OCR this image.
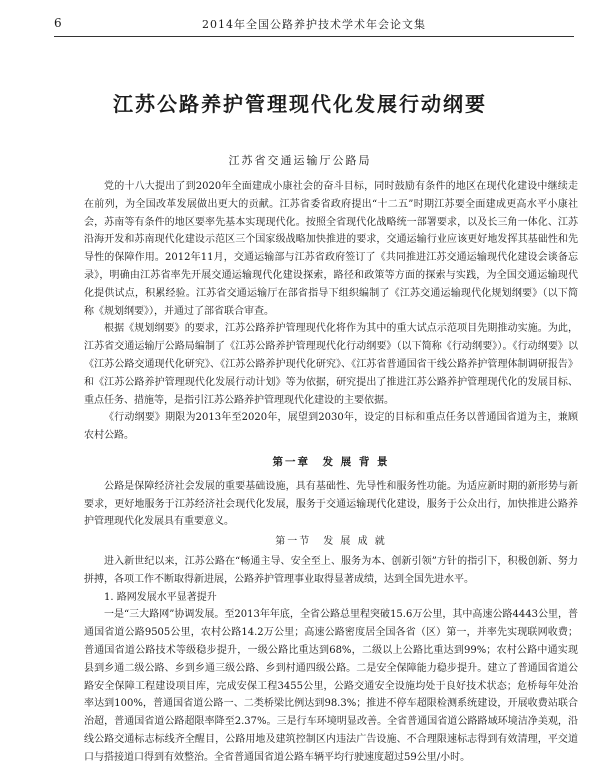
6	2014年全国公路养护技术学术年会论文集
江苏公路养护管理现代化发展行动纲要
江苏省交通运输厅公路局

党的十八大提出了到2020年全面建成小康社会的奋斗目标，同时鼓励有条件的地区在现代化建设中继续走在前列，为全国改革发展做出更大的贡献。江苏省委省政府提出“十二五”时期江苏要全面建成更高水平小康社会，苏南等有条件的地区要率先基本实现现代化。按照全省现代化战略统一部署要求，以及长三角一体化、江苏沿海开发和苏南现代化建设示范区三个国家级战略加快推进的要求，交通运输行业应该更好地发挥其基础性和先导性的保障作用。2012年11月，交通运输部与江苏省政府签订了《共同推进江苏交通运输现代化建设会谈备忘录》，明确由江苏省率先开展交通运输现代化建设探索，路径和政策等方面的探索与实践，为全国交通运输现代化提供试点，积累经验。江苏省交通运输厅在部省指导下组织编制了《江苏交通运输现代化规划纲要》（以下简称《规划纲要》），并通过了部省联合审查。

根据《规划纲要》的要求，江苏公路养护管理现代化将作为其中的重大试点示范项目先期推动实施。为此，江苏省交通运输厅公路局编制了《江苏公路养护管理现代化行动纲要》（以下简称《行动纲要》）。《行动纲要》以《江苏公路交通现代化研究》、《江苏公路养护现代化研究》、《江苏省普通国省干线公路养护管理体制调研报告》和《江苏公路养护管理现代化发展行动计划》等为依据，研究提出了推进江苏公路养护管理现代化的发展目标、重点任务、措施等，是指引江苏公路养护管理现代化建设的主要依据。

《行动纲要》期限为2013年至2020年，展望到2030年，设定的目标和重点任务以普通国省道为主，兼顾农村公路。

第一章　发 展 背 景

公路是保障经济社会发展的重要基础设施，具有基础性、先导性和服务性功能。为适应新时期的新形势与新要求，更好地服务于江苏经济社会现代化发展，服务于交通运输现代化建设，服务于公众出行，加快推进公路养护管理现代化发展具有重要意义。

第一节　发 展 成 就

进入新世纪以来，江苏公路在“畅通主导、安全至上、服务为本、创新引领”方针的指引下，积极创新、努力拼搏，各项工作不断取得新进展，公路养护管理事业取得显著成绩，达到全国先进水平。

1. 路网发展水平显著提升

一是“三大路网”协调发展。至2013年年底，全省公路总里程突破15.6万公里，其中高速公路4443公里，普通国省道公路9505公里，农村公路14.2万公里；高速公路密度居全国各省（区）第一，并率先实现联网收费；普通国省道公路技术等级稳步提升，一级公路比重达到68%，二级以上公路比重达到99%；农村公路中通实现县到乡通二级公路、乡到乡通三级公路、乡到村通四级公路。二是安全保障能力稳步提升。建立了普通国省道公路安全保障工程建设项目库，完成安保工程3455公里，公路交通安全设施均处于良好技术状态；危桥每年处治率达到100%，普通国省道公路一、二类桥梁比例达到98.3%；推进不停车超限检测系统建设，开展收费站联合治超，普通国省道公路超限率降至2.37%。三是行车环境明显改善。全省普通国省道公路路域环境洁净美观，沿线公路交通标志标线齐全醒目，公路用地及建筑控制区内违法广告设施、不合理限速标志得到有效清理，平交道口与搭接道口得到有效整治。全省普通国省道公路车辆平均行驶速度超过59公里/小时。
